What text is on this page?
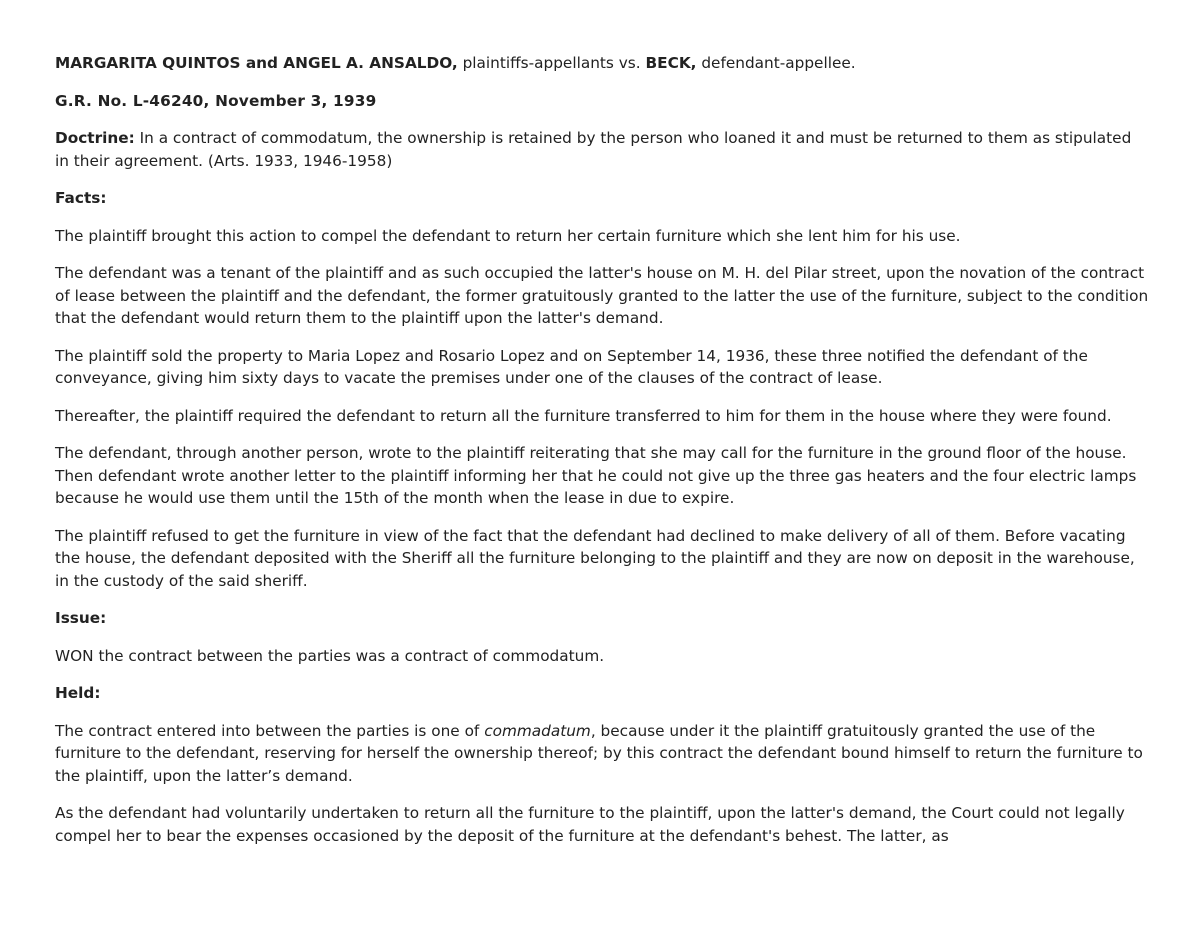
MARGARITA QUINTOS and ANGEL A. ANSALDO, plaintiffs-appellants vs. BECK, defendant-appellee.

G.R. No. L-46240, November 3, 1939

Doctrine: In a contract of commodatum, the ownership is retained by the person who loaned it and must be returned to them as stipulated in their agreement. (Arts. 1933, 1946-1958)

Facts:

The plaintiff brought this action to compel the defendant to return her certain furniture which she lent him for his use.

The defendant was a tenant of the plaintiff and as such occupied the latter's house on M. H. del Pilar street, upon the novation of the contract of lease between the plaintiff and the defendant, the former gratuitously granted to the latter the use of the furniture, subject to the condition that the defendant would return them to the plaintiff upon the latter's demand.

The plaintiff sold the property to Maria Lopez and Rosario Lopez and on September 14, 1936, these three notified the defendant of the conveyance, giving him sixty days to vacate the premises under one of the clauses of the contract of lease.

Thereafter, the plaintiff required the defendant to return all the furniture transferred to him for them in the house where they were found.

The defendant, through another person, wrote to the plaintiff reiterating that she may call for the furniture in the ground floor of the house. Then defendant wrote another letter to the plaintiff informing her that he could not give up the three gas heaters and the four electric lamps because he would use them until the 15th of the month when the lease in due to expire.

The plaintiff refused to get the furniture in view of the fact that the defendant had declined to make delivery of all of them. Before vacating the house, the defendant deposited with the Sheriff all the furniture belonging to the plaintiff and they are now on deposit in the warehouse, in the custody of the said sheriff.

Issue:

WON the contract between the parties was a contract of commodatum.

Held:

The contract entered into between the parties is one of commadatum, because under it the plaintiff gratuitously granted the use of the furniture to the defendant, reserving for herself the ownership thereof; by this contract the defendant bound himself to return the furniture to the plaintiff, upon the latter’s demand.

As the defendant had voluntarily undertaken to return all the furniture to the plaintiff, upon the latter's demand, the Court could not legally compel her to bear the expenses occasioned by the deposit of the furniture at the defendant's behest. The latter, as
